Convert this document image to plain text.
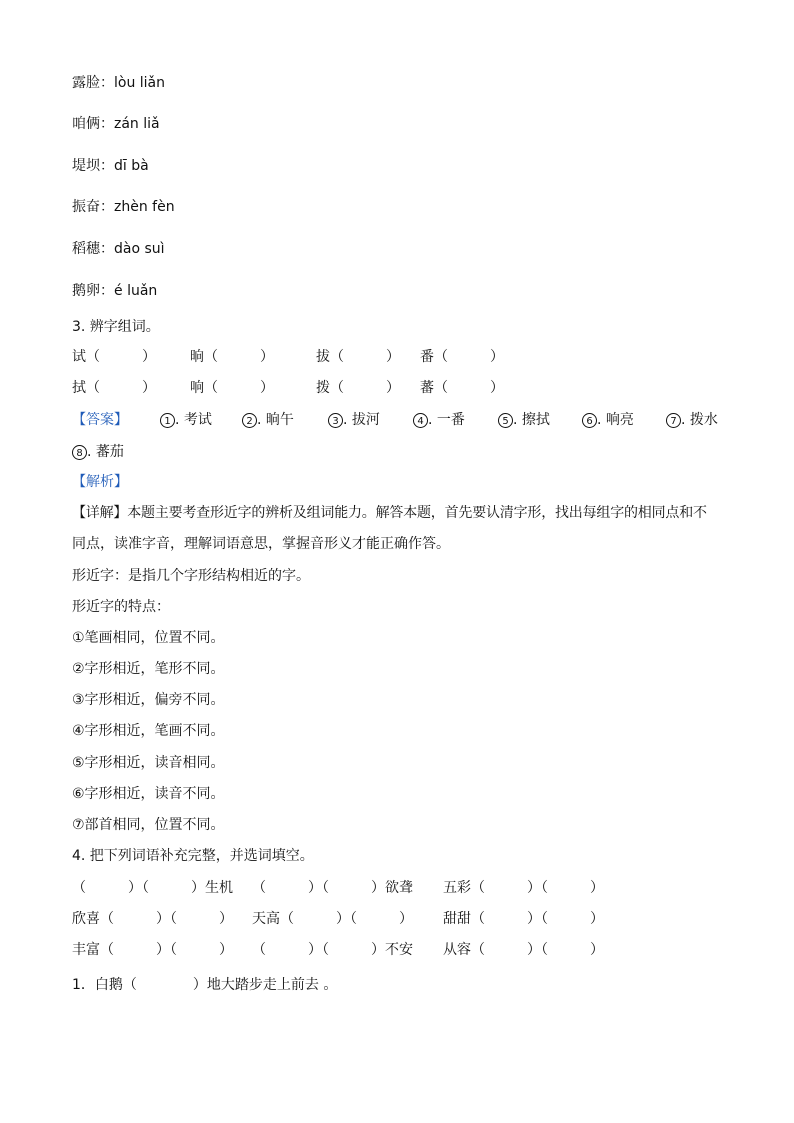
露脸：lòu liǎn
咱俩：zán liǎ
堤坝：dī bà
振奋：zhèn fèn
稻穗：dào suì
鹅卵：é luǎn
3. 辨字组词。
试（　　　） 晌（　　　）	拔（　　　） 番（　　　）
拭（　　　） 响（　　　）	拨（　　　） 蕃（　　　）
【答案】	1 . 考试	2 . 晌午	3 . 拔河	4 . 一番	5 . 擦拭	6 . 响亮	7 . 拨水
8 . 蕃茄
【解析】
【详解】本题主要考查形近字的辨析及组词能力。解答本题，首先要认清字形，找出每组字的相同点和不
同点，读准字音，理解词语意思，掌握音形义才能正确作答。
形近字：是指几个字形结构相近的字。
形近字的特点：
①笔画相同，位置不同。
②字形相近，笔形不同。
③字形相近，偏旁不同。
④字形相近，笔画不同。
⑤字形相近，读音相同。
⑥字形相近，读音不同。
⑦部首相同，位置不同。
4. 把下列词语补充完整，并选词填空。
（　　　）（　　　）生机 （　　　）（　　　）欲聋 五彩（　　　）（　　　）
欣喜（　　　）（　　　） 天高（　　　）（　　　） 甜甜（　　　）（　　　）
丰富（　　　）（　　　） （　　　）（　　　）不安 从容（　　　）（　　　）
1．白鹅（　　　　）地大踏步走上前去 。
